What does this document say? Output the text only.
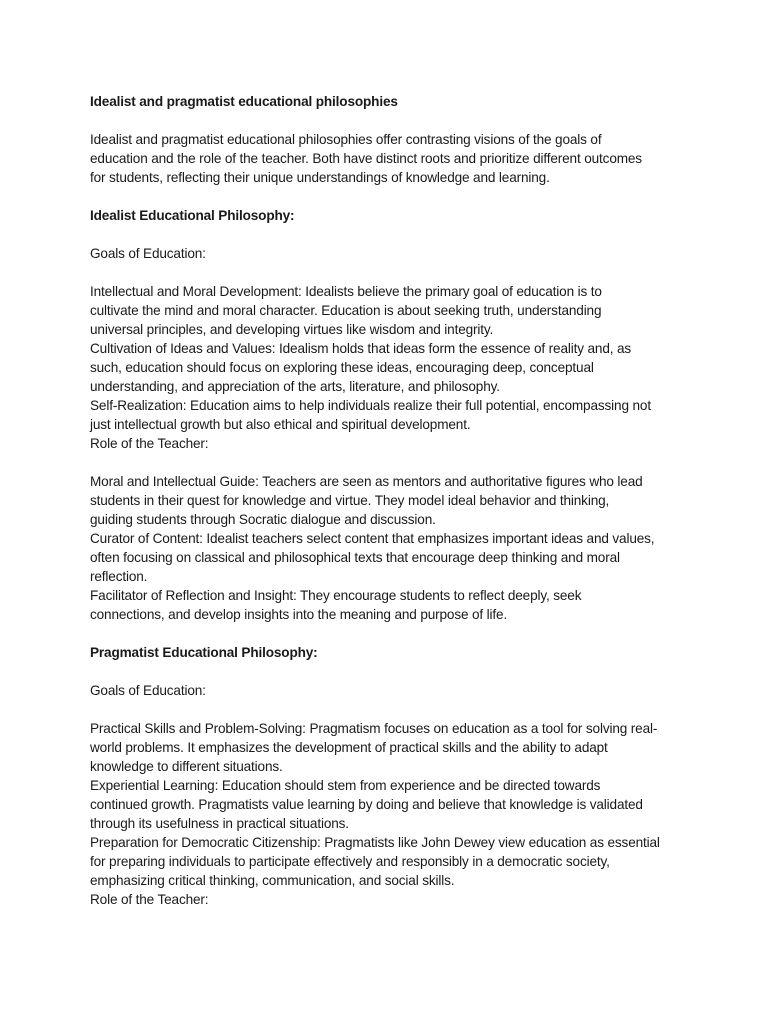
Idealist and pragmatist educational philosophies
Idealist and pragmatist educational philosophies offer contrasting visions of the goals of
education and the role of the teacher. Both have distinct roots and prioritize different outcomes
for students, reflecting their unique understandings of knowledge and learning.
Idealist Educational Philosophy:
Goals of Education:
Intellectual and Moral Development: Idealists believe the primary goal of education is to
cultivate the mind and moral character. Education is about seeking truth, understanding
universal principles, and developing virtues like wisdom and integrity.
Cultivation of Ideas and Values: Idealism holds that ideas form the essence of reality and, as
such, education should focus on exploring these ideas, encouraging deep, conceptual
understanding, and appreciation of the arts, literature, and philosophy.
Self-Realization: Education aims to help individuals realize their full potential, encompassing not
just intellectual growth but also ethical and spiritual development.
Role of the Teacher:
Moral and Intellectual Guide: Teachers are seen as mentors and authoritative figures who lead
students in their quest for knowledge and virtue. They model ideal behavior and thinking,
guiding students through Socratic dialogue and discussion.
Curator of Content: Idealist teachers select content that emphasizes important ideas and values,
often focusing on classical and philosophical texts that encourage deep thinking and moral
reflection.
Facilitator of Reflection and Insight: They encourage students to reflect deeply, seek
connections, and develop insights into the meaning and purpose of life.
Pragmatist Educational Philosophy:
Goals of Education:
Practical Skills and Problem-Solving: Pragmatism focuses on education as a tool for solving real-
world problems. It emphasizes the development of practical skills and the ability to adapt
knowledge to different situations.
Experiential Learning: Education should stem from experience and be directed towards
continued growth. Pragmatists value learning by doing and believe that knowledge is validated
through its usefulness in practical situations.
Preparation for Democratic Citizenship: Pragmatists like John Dewey view education as essential
for preparing individuals to participate effectively and responsibly in a democratic society,
emphasizing critical thinking, communication, and social skills.
Role of the Teacher:
